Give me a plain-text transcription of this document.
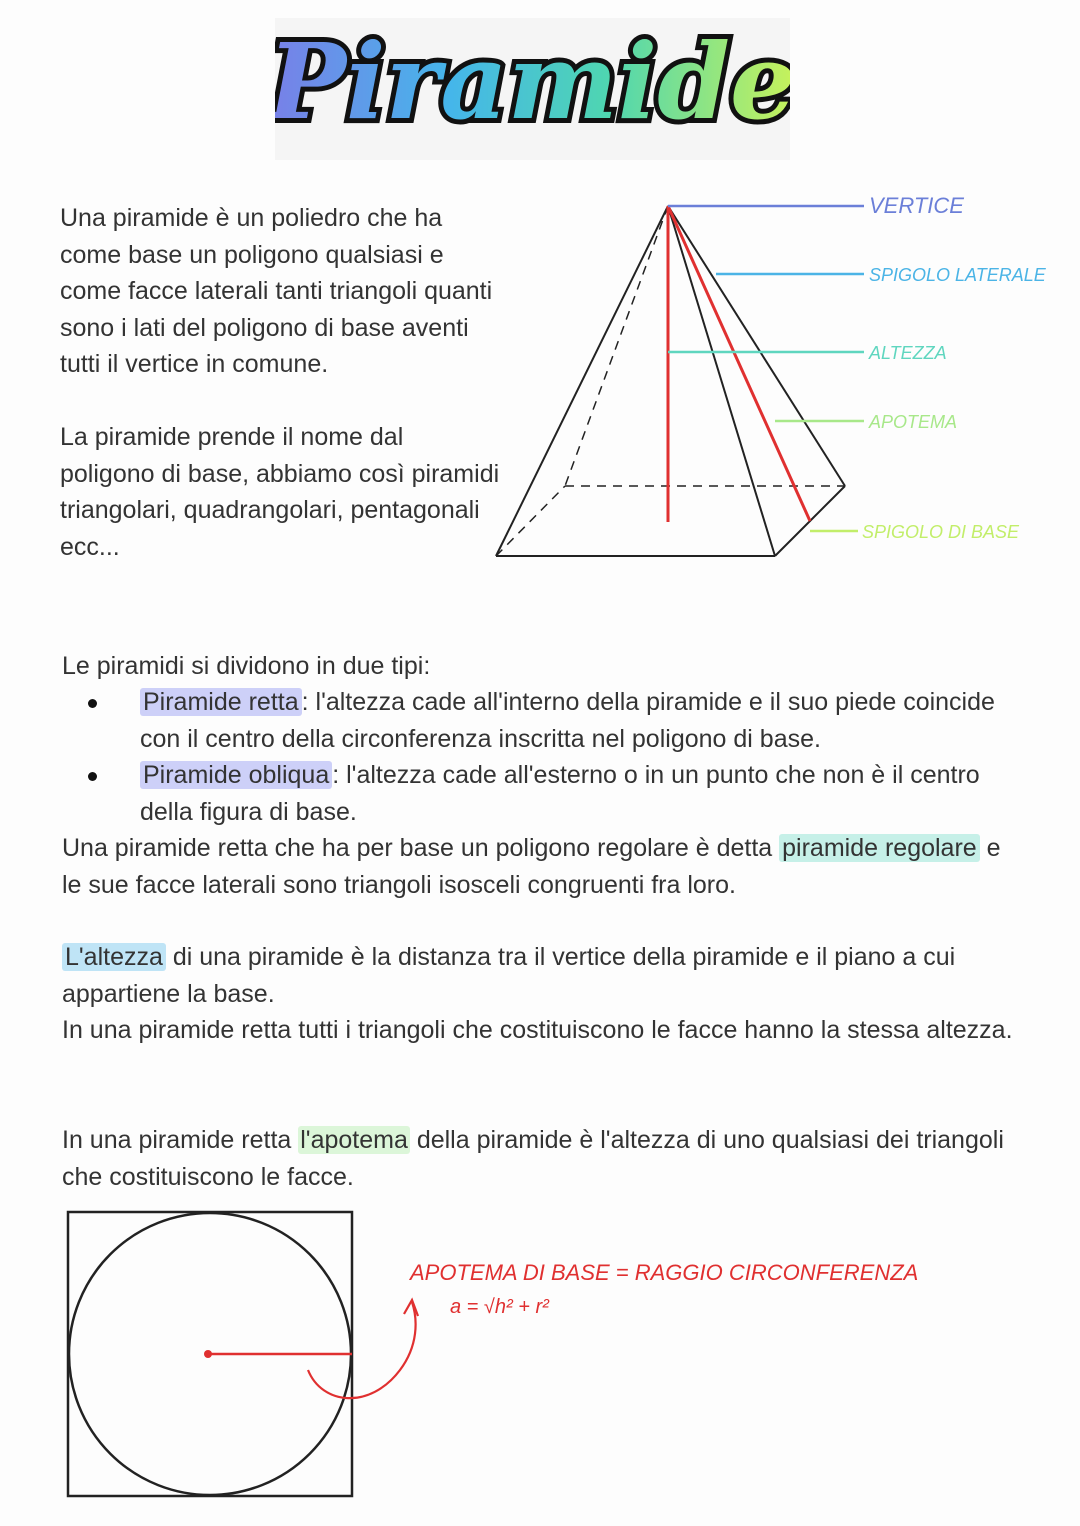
Piramide

Una piramide è un poliedro che ha come base un poligono qualsiasi e come facce laterali tanti triangoli quanti sono i lati del poligono di base aventi tutti il vertice in comune.

La piramide prende il nome dal poligono di base, abbiamo così piramidi triangolari, quadrangolari, pentagonali ecc...

VERTICE
SPIGOLO LATERALE
ALTEZZA
APOTEMA
SPIGOLO DI BASE

Le piramidi si dividono in due tipi:

Piramide retta : l'altezza cade all'interno della piramide e il suo piede coincide con il centro della circonferenza inscritta nel poligono di base.
Piramide obliqua : l'altezza cade all'esterno o in un punto che non è il centro della figura di base.
Una piramide retta che ha per base un poligono regolare è detta piramide regolare e le sue facce laterali sono triangoli isosceli congruenti fra loro.
L'altezza di una piramide è la distanza tra il vertice della piramide e il piano a cui appartiene la base.
In una piramide retta tutti i triangoli che costituiscono le facce hanno la stessa altezza.
In una piramide retta l'apotema della piramide è l'altezza di uno qualsiasi dei triangoli che costituiscono le facce.
APOTEMA DI BASE = RAGGIO CIRCONFERENZA
a = √h² + r²
